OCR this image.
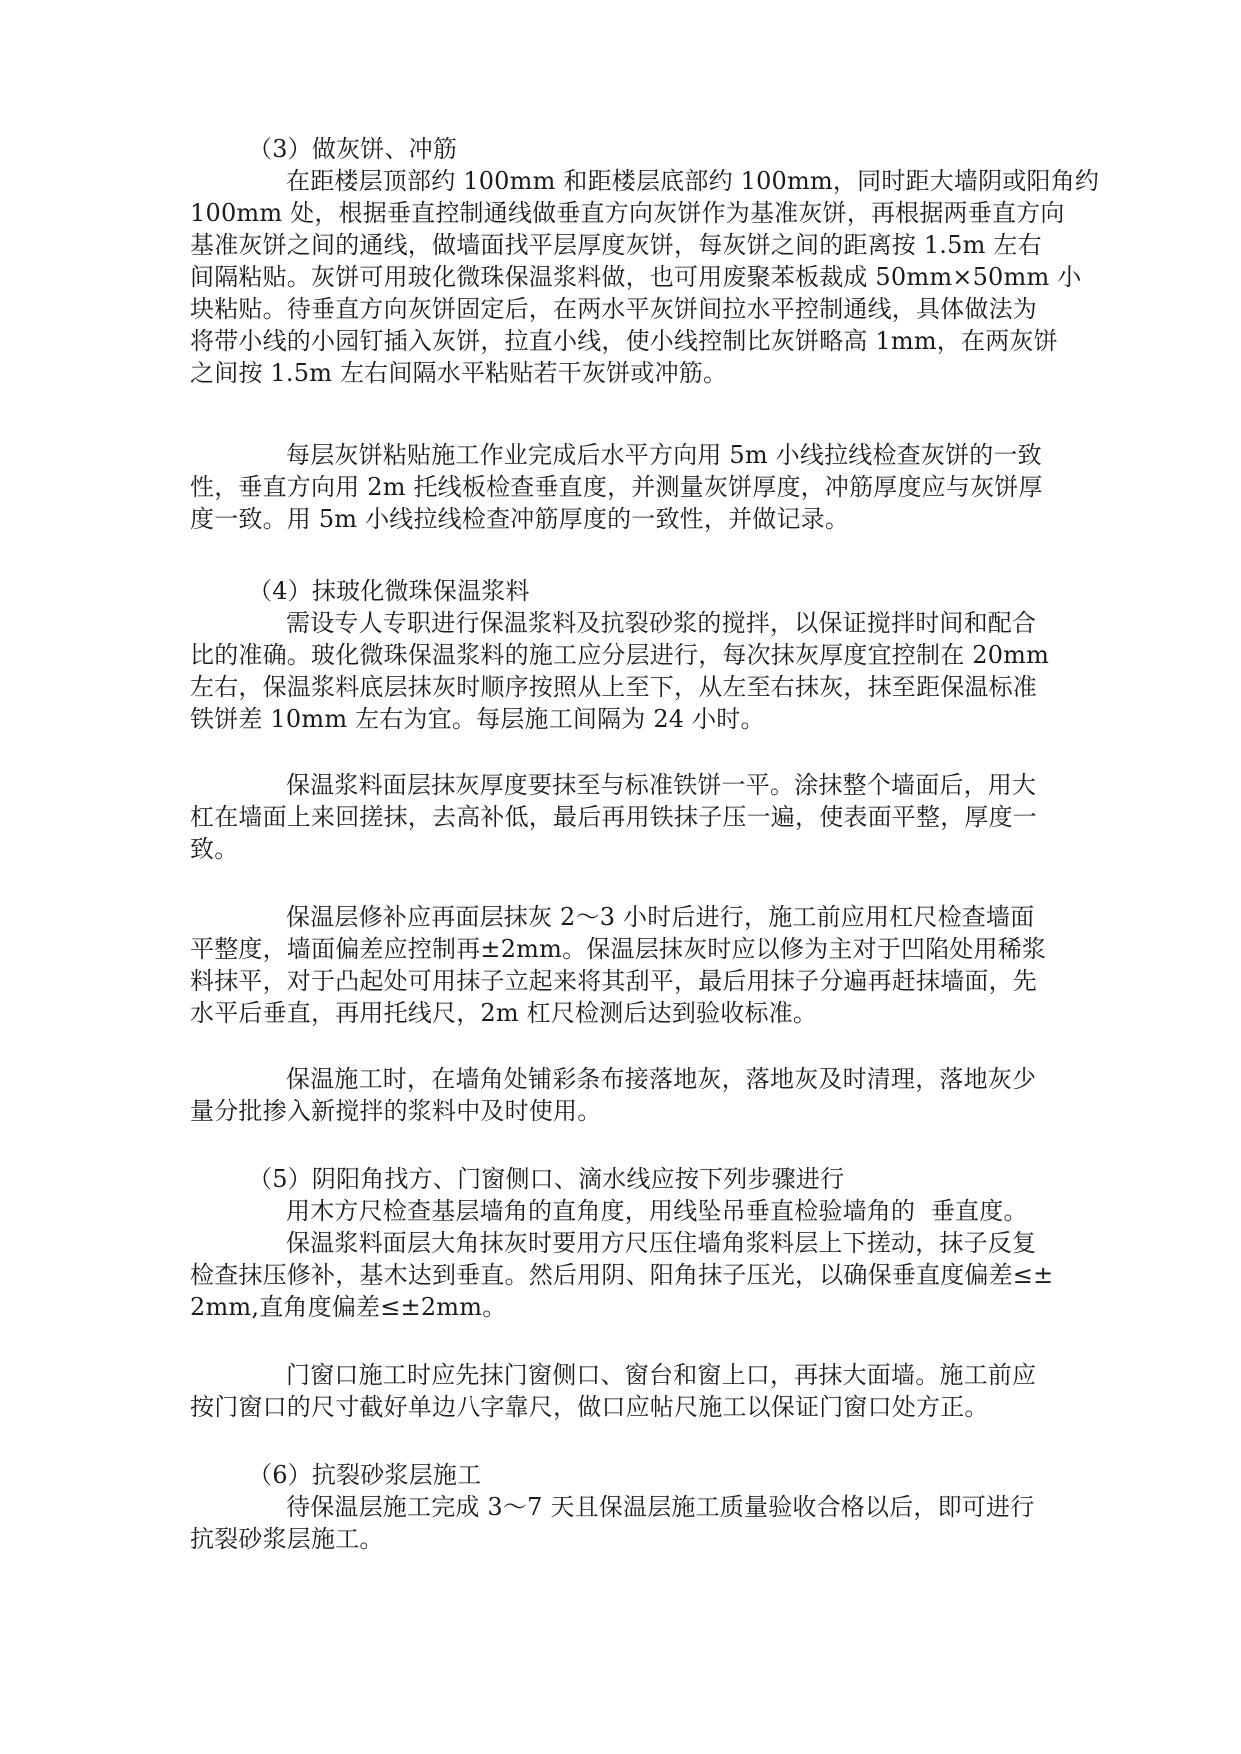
（3）做灰饼、冲筋
在距楼层顶部约 100mm 和距楼层底部约 100mm，同时距大墙阴或阳角约
100mm 处，根据垂直控制通线做垂直方向灰饼作为基准灰饼，再根据两垂直方向
基准灰饼之间的通线，做墙面找平层厚度灰饼，每灰饼之间的距离按 1.5m 左右
间隔粘贴。灰饼可用玻化微珠保温浆料做，也可用废聚苯板裁成 50mm×50mm 小
块粘贴。待垂直方向灰饼固定后，在两水平灰饼间拉水平控制通线，具体做法为
将带小线的小园钉插入灰饼，拉直小线，使小线控制比灰饼略高 1mm，在两灰饼
之间按 1.5m 左右间隔水平粘贴若干灰饼或冲筋。
每层灰饼粘贴施工作业完成后水平方向用 5m 小线拉线检查灰饼的一致
性，垂直方向用 2m 托线板检查垂直度，并测量灰饼厚度，冲筋厚度应与灰饼厚
度一致。用 5m 小线拉线检查冲筋厚度的一致性，并做记录。
（4）抹玻化微珠保温浆料
需设专人专职进行保温浆料及抗裂砂浆的搅拌，以保证搅拌时间和配合
比的准确。玻化微珠保温浆料的施工应分层进行，每次抹灰厚度宜控制在 20mm
左右，保温浆料底层抹灰时顺序按照从上至下，从左至右抹灰，抹至距保温标准
铁饼差 10mm 左右为宜。每层施工间隔为 24 小时。
保温浆料面层抹灰厚度要抹至与标准铁饼一平。涂抹整个墙面后，用大
杠在墙面上来回搓抹，去高补低，最后再用铁抹子压一遍，使表面平整，厚度一
致。
保温层修补应再面层抹灰 2～3 小时后进行，施工前应用杠尺检查墙面
平整度，墙面偏差应控制再±2mm。保温层抹灰时应以修为主对于凹陷处用稀浆
料抹平，对于凸起处可用抹子立起来将其刮平，最后用抹子分遍再赶抹墙面，先
水平后垂直，再用托线尺，2m 杠尺检测后达到验收标准。
保温施工时，在墙角处铺彩条布接落地灰，落地灰及时清理，落地灰少
量分批掺入新搅拌的浆料中及时使用。
（5）阴阳角找方、门窗侧口、滴水线应按下列步骤进行
用木方尺检查基层墙角的直角度，用线坠吊垂直检验墙角的  垂直度。
保温浆料面层大角抹灰时要用方尺压住墙角浆料层上下搓动，抹子反复
检查抹压修补，基木达到垂直。然后用阴、阳角抹子压光，以确保垂直度偏差≤±
2mm,直角度偏差≤±2mm。
门窗口施工时应先抹门窗侧口、窗台和窗上口，再抹大面墙。施工前应
按门窗口的尺寸截好单边八字靠尺，做口应帖尺施工以保证门窗口处方正。
（6）抗裂砂浆层施工
待保温层施工完成 3～7 天且保温层施工质量验收合格以后，即可进行
抗裂砂浆层施工。
